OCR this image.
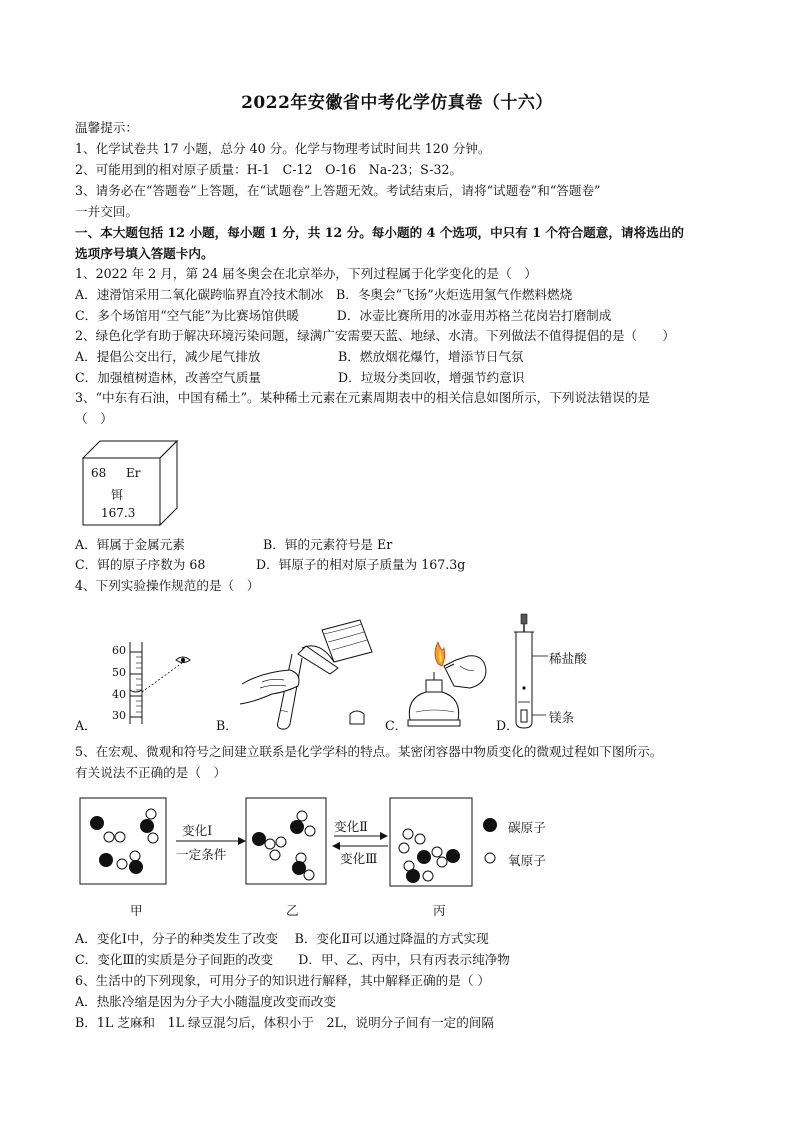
2022年安徽省中考化学仿真卷（十六）
温馨提示：
1、化学试卷共 17 小题，总分 40 分。化学与物理考试时间共 120 分钟。
2、可能用到的相对原子质量：H-1　C-12　O-16　Na-23；S-32。
3、请务必在“答题卷”上答题，在“试题卷”上答题无效。考试结束后，请将“试题卷”和“答题卷”
一并交回。
一、本大题包括 12 小题，每小题 1 分，共 12 分。每小题的 4 个选项，中只有 1 个符合题意，请将选出的
选项序号填入答题卡内。
1、2022 年 2 月，第 24 届冬奥会在北京举办，下列过程属于化学变化的是（　）
A．速滑馆采用二氧化碳跨临界直冷技术制冰　B．冬奥会“飞扬”火炬选用氢气作燃料燃烧
C．多个场馆用“空气能”为比赛场馆供暖　　　D．冰壶比赛所用的冰壶用苏格兰花岗岩打磨制成
2、绿色化学有助于解决环境污染问题，绿满广安需要天蓝、地绿、水清。下列做法不值得提倡的是（　　）
A．提倡公交出行，减少尾气排放	B．燃放烟花爆竹，增添节日气氛
C．加强植树造林，改善空气质量	D．垃圾分类回收，增强节约意识
3、“中东有石油，中国有稀土”。某种稀土元素在元素周期表中的相关信息如图所示，下列说法错误的是
（　）
68 Er
铒
167.3
A．铒属于金属元素	B．铒的元素符号是 Er
C．铒的原子序数为 68	D．铒原子的相对原子质量为 167.3g
4、下列实验操作规范的是（　）
60
50
40
30
A．	B．	C．
稀盐酸
镁条
D．
5、在宏观、微观和符号之间建立联系是化学学科的特点。某密闭容器中物质变化的微观过程如下图所示。
有关说法不正确的是（　）
变化Ⅰ
一定条件
变化Ⅱ
变化Ⅲ
碳原子
氧原子
甲	乙	丙
A．变化Ⅰ中，分子的种类发生了改变　 B．变化Ⅱ可以通过降温的方式实现
C．变化Ⅲ的实质是分子间距的改变　　D．甲、乙、丙中，只有丙表示纯净物
6、生活中的下列现象，可用分子的知识进行解释，其中解释正确的是（ ）
A．热胀冷缩是因为分子大小随温度改变而改变
B．1L 芝麻和　1L 绿豆混匀后，体积小于　2L，说明分子间有一定的间隔
